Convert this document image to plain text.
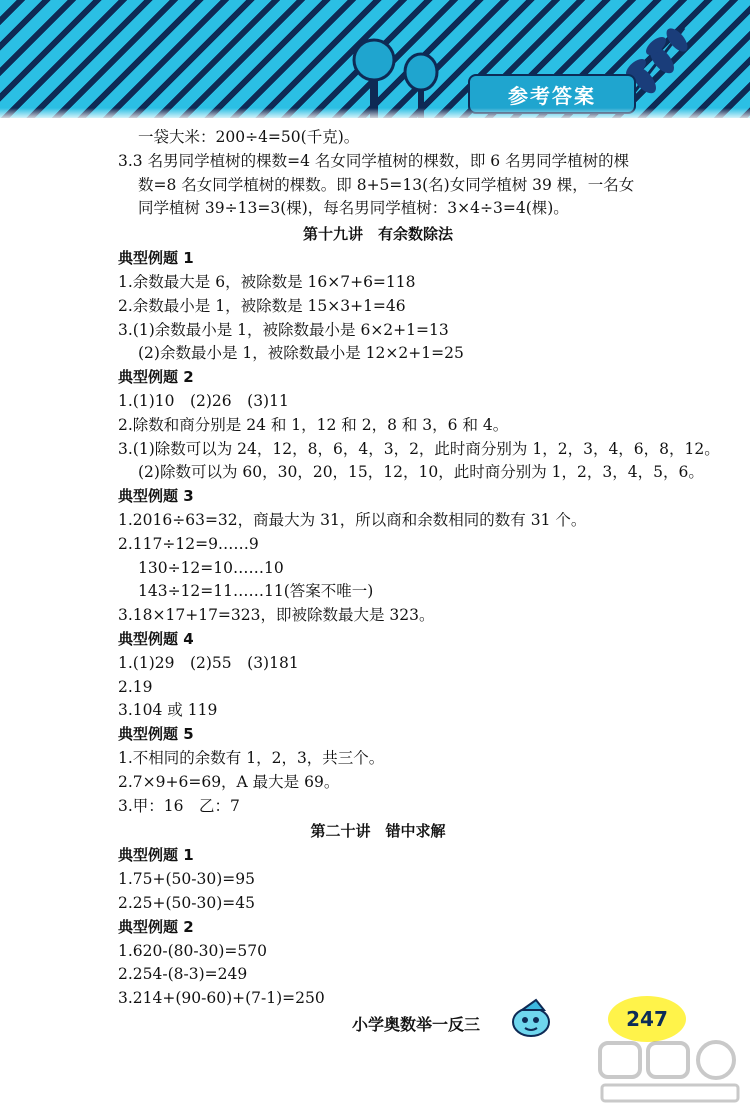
参考答案
一袋大米：200÷4=50(千克)。
3.3 名男同学植树的棵数=4 名女同学植树的棵数，即 6 名男同学植树的棵
数=8 名女同学植树的棵数。即 8+5=13(名)女同学植树 39 棵，一名女
同学植树 39÷13=3(棵)，每名男同学植树：3×4÷3=4(棵)。
第十九讲　有余数除法
典型例题 1
1.余数最大是 6，被除数是 16×7+6=118
2.余数最小是 1，被除数是 15×3+1=46
3.(1)余数最小是 1，被除数最小是 6×2+1=13
(2)余数最小是 1，被除数最小是 12×2+1=25
典型例题 2
1.(1)10　(2)26　(3)11
2.除数和商分别是 24 和 1，12 和 2，8 和 3，6 和 4。
3.(1)除数可以为 24，12，8，6，4，3，2，此时商分别为 1，2，3，4，6，8，12。
(2)除数可以为 60，30，20，15，12，10，此时商分别为 1，2，3，4，5，6。
典型例题 3
1.2016÷63=32，商最大为 31，所以商和余数相同的数有 31 个。
2.117÷12=9……9
130÷12=10……10
143÷12=11……11(答案不唯一)
3.18×17+17=323，即被除数最大是 323。
典型例题 4
1.(1)29　(2)55　(3)181
2.19
3.104 或 119
典型例题 5
1.不相同的余数有 1，2，3，共三个。
2.7×9+6=69，A 最大是 69。
3.甲：16　乙：7
第二十讲　错中求解
典型例题 1
1.75+(50-30)=95
2.25+(50-30)=45
典型例题 2
1.620-(80-30)=570
2.254-(8-3)=249
3.214+(90-60)+(7-1)=250
小学奥数举一反三	247
